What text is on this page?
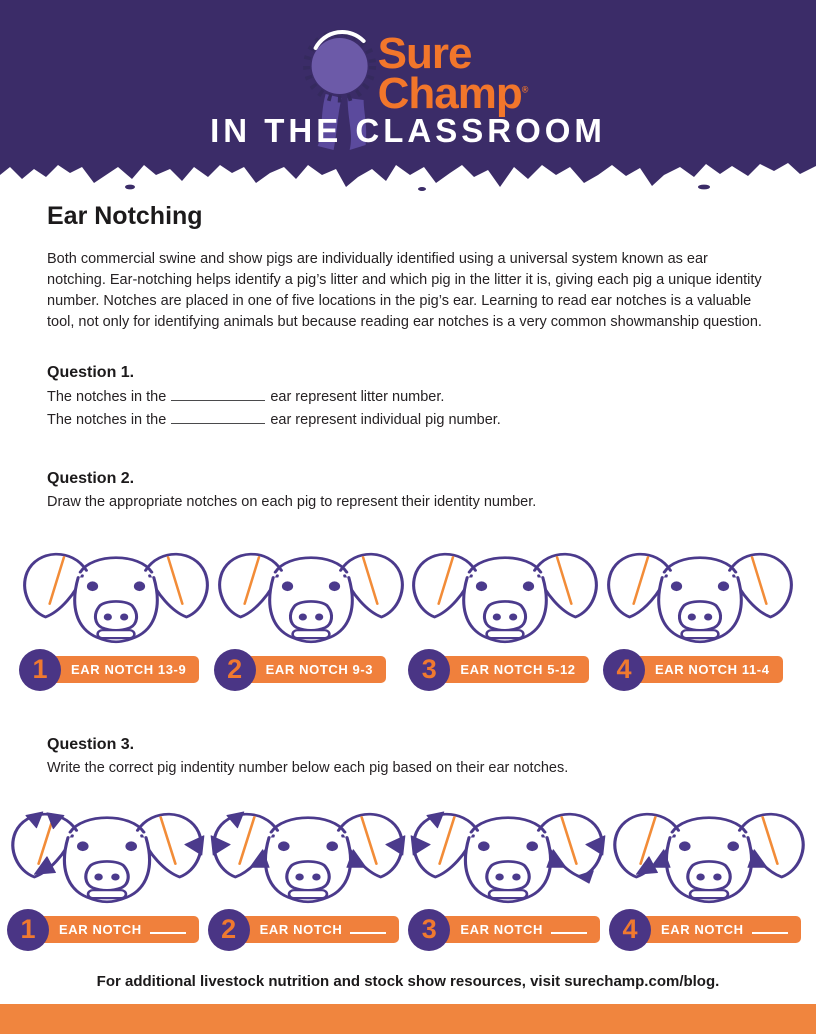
Sure
Champ®
IN THE CLASSROOM
Ear Notching

Both commercial swine and show pigs are individually identified using a universal system known as ear notching. Ear-notching helps identify a pig’s litter and which pig in the litter it is, giving each pig a unique identity number. Notches are placed in one of five locations in the pig’s ear. Learning to read ear notches is a valuable tool, not only for identifying animals but because reading ear notches is a very common showmanship question.

Question 1.

The notches in the	ear represent litter number.

The notches in the	ear represent individual pig number.

Question 2.

Draw the appropriate notches on each pig to represent their identity number.

1 EAR NOTCH 13-9 2 EAR NOTCH 9-3 3 EAR NOTCH 5-12 4 EAR NOTCH 11-4

Question 3.

Write the correct pig indentity number below each pig based on their ear notches.

1 EAR NOTCH	2 EAR NOTCH	3 EAR NOTCH	4 EAR NOTCH

For additional livestock nutrition and stock show resources, visit surechamp.com/blog.
